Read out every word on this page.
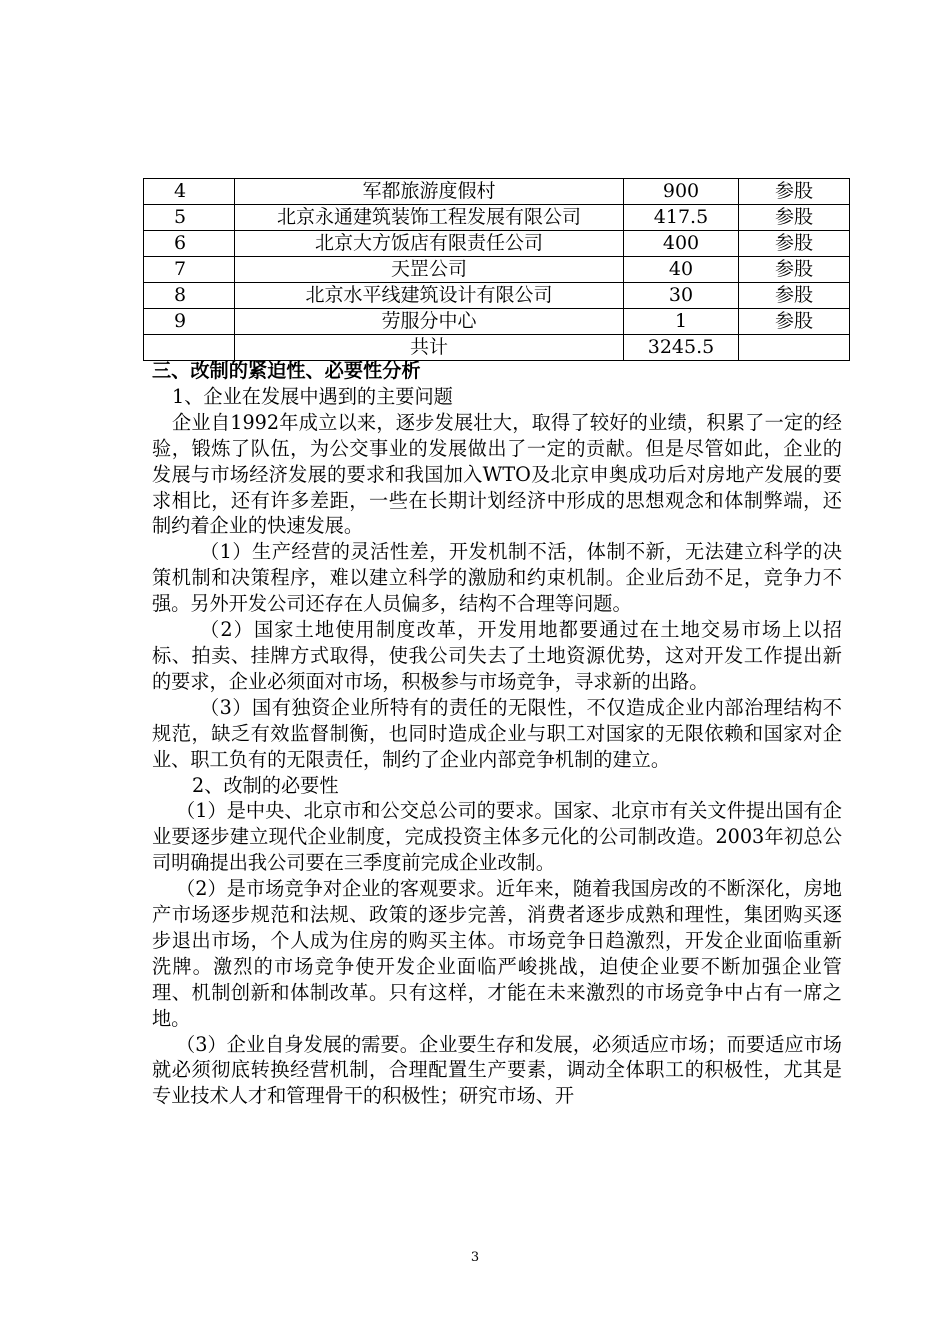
4	军都旅游度假村	900	参股
5	北京永通建筑装饰工程发展有限公司	417.5	参股
6	北京大方饭店有限责任公司	400	参股
7	天罡公司	40	参股
8	北京水平线建筑设计有限公司	30	参股
9	劳服分中心	1	参股
	共计	3245.5	

三、改制的紧迫性、必要性分析

1、企业在发展中遇到的主要问题

企业自1992年成立以来，逐步发展壮大，取得了较好的业绩，积累了一定的经验，锻炼了队伍，为公交事业的发展做出了一定的贡献。但是尽管如此，企业的发展与市场经济发展的要求和我国加入WTO及北京申奥成功后对房地产发展的要求相比，还有许多差距，一些在长期计划经济中形成的思想观念和体制弊端，还制约着企业的快速发展。

（1）生产经营的灵活性差，开发机制不活，体制不新，无法建立科学的决策机制和决策程序，难以建立科学的激励和约束机制。企业后劲不足，竞争力不强。另外开发公司还存在人员偏多，结构不合理等问题。

（2）国家土地使用制度改革，开发用地都要通过在土地交易市场上以招标、拍卖、挂牌方式取得，使我公司失去了土地资源优势，这对开发工作提出新的要求，企业必须面对市场，积极参与市场竞争，寻求新的出路。

（3）国有独资企业所特有的责任的无限性，不仅造成企业内部治理结构不规范，缺乏有效监督制衡，也同时造成企业与职工对国家的无限依赖和国家对企业、职工负有的无限责任，制约了企业内部竞争机制的建立。

2、改制的必要性

（1）是中央、北京市和公交总公司的要求。国家、北京市有关文件提出国有企业要逐步建立现代企业制度，完成投资主体多元化的公司制改造。2003年初总公司明确提出我公司要在三季度前完成企业改制。

（2）是市场竞争对企业的客观要求。近年来，随着我国房改的不断深化，房地产市场逐步规范和法规、政策的逐步完善，消费者逐步成熟和理性，集团购买逐步退出市场，个人成为住房的购买主体。市场竞争日趋激烈，开发企业面临重新洗牌。激烈的市场竞争使开发企业面临严峻挑战，迫使企业要不断加强企业管理、机制创新和体制改革。只有这样，才能在未来激烈的市场竞争中占有一席之地。

（3）企业自身发展的需要。企业要生存和发展，必须适应市场；而要适应市场就必须彻底转换经营机制，合理配置生产要素，调动全体职工的积极性，尤其是专业技术人才和管理骨干的积极性；研究市场、开

3
